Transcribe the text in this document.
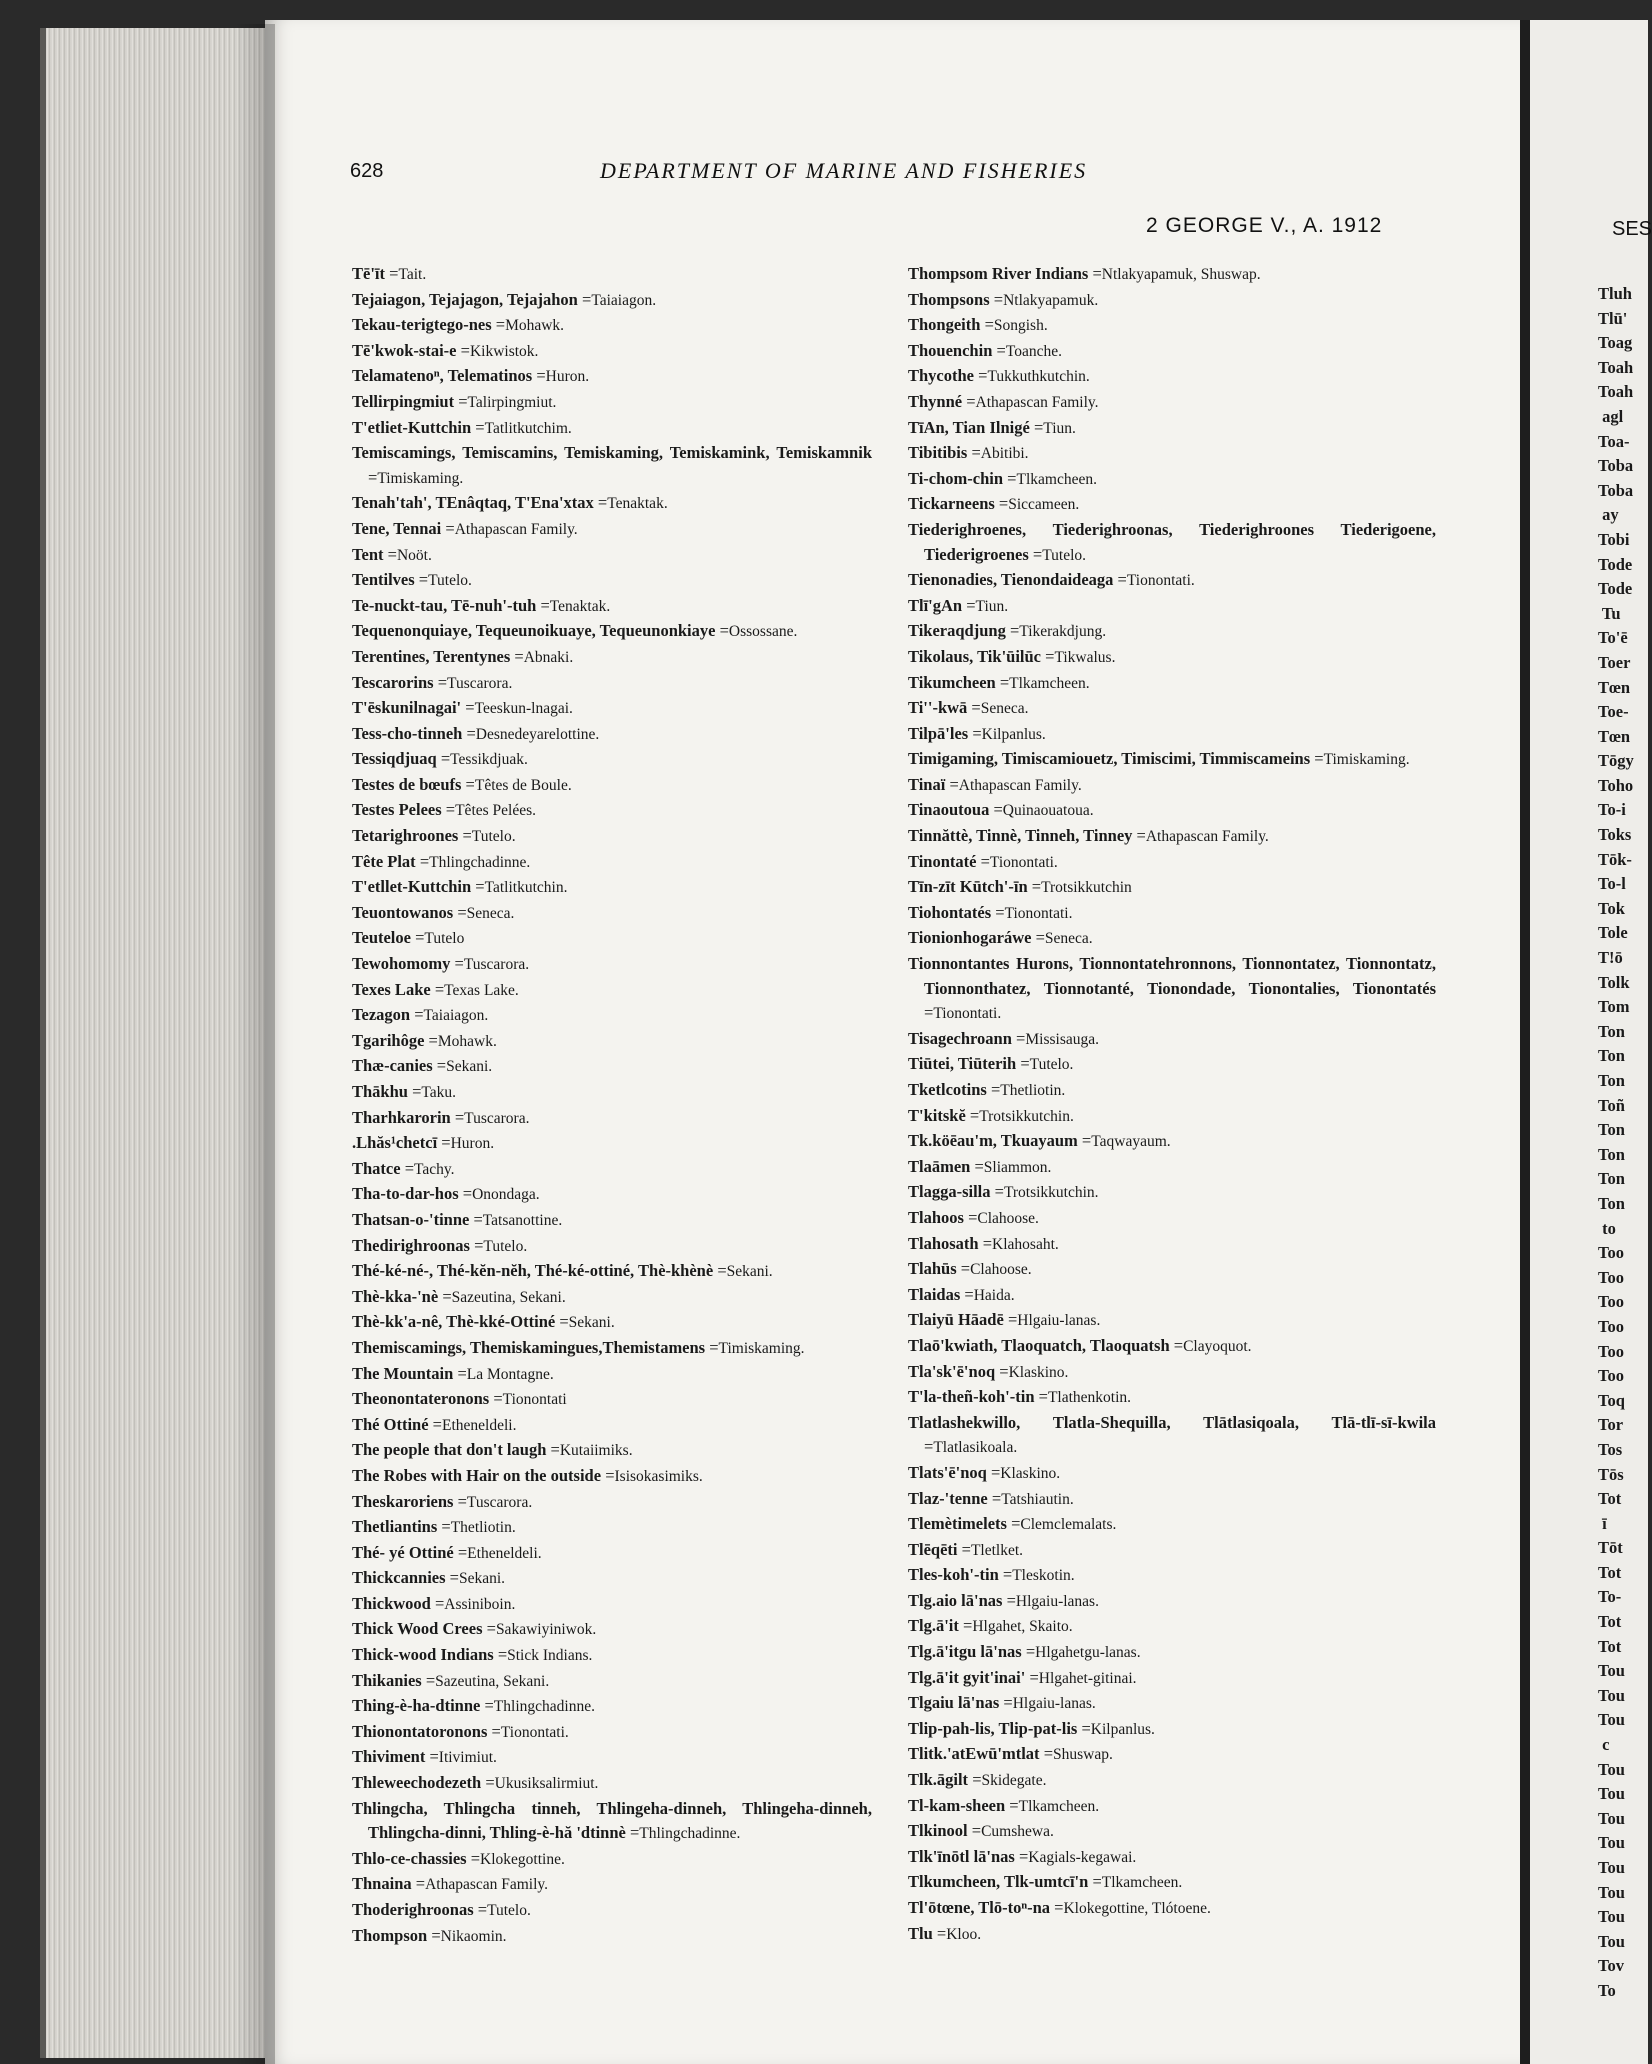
SES
Tluh
Tlū'
Toag
Toah
Toah
agl
Toa-
Toba
Toba
ay
Tobi
Tode
Tode
Tu
To'ē
Toer
Tœn
Toe-
Tœn
Tōgy
Toho
To-i
Toks
Tōk-
To-l
Tok
Tole
T!ō
Tolk
Tom
Ton
Ton
Ton
Toñ
Ton
Ton
Ton
Ton
to
Too
Too
Too
Too
Too
Too
Toq
Tor
Tos
Tōs
Tot
ī
Tōt
Tot
To-
Tot
Tot
Tou
Tou
Tou
c
Tou
Tou
Tou
Tou
Tou
Tou
Tou
Tou
Tov
To
628	DEPARTMENT OF MARINE AND FISHERIES
2 GEORGE V., A. 1912
Tē'īt =Tait.
Tejaiagon, Tejajagon, Tejajahon =Taiaiagon.
Tekau-terigtego-nes =Mohawk.
Tē'kwok-stai-e =Kikwistok.
Telamatenoⁿ, Telematinos =Huron.
Tellirpingmiut =Talirpingmiut.
T'etliet-Kuttchin =Tatlitkutchim.
Temiscamings, Temiscamins, Temiskaming, Temiskamink, Temiskamnik =Timiskaming.
Tenah'tah', TEnâqtaq, T'Ena'xtax =Tenaktak.
Tene, Tennai =Athapascan Family.
Tent =Noöt.
Tentilves =Tutelo.
Te-nuckt-tau, Tē-nuh'-tuh =Tenaktak.
Tequenonquiaye, Tequeunoikuaye, Tequeunonkiaye =Ossossane.
Terentines, Terentynes =Abnaki.
Tescarorins =Tuscarora.
T'ēskunilnagai' =Teeskun-lnagai.
Tess-cho-tinneh =Desnedeyarelottine.
Tessiqdjuaq =Tessikdjuak.
Testes de bœufs =Têtes de Boule.
Testes Pelees =Têtes Pelées.
Tetarighroones =Tutelo.
Tête Plat =Thlingchadinne.
T'etllet-Kuttchin =Tatlitkutchin.
Teuontowanos =Seneca.
Teuteloe =Tutelo
Tewohomomy =Tuscarora.
Texes Lake =Texas Lake.
Tezagon =Taiaiagon.
Tgarihôge =Mohawk.
Thæ-canies =Sekani.
Thākhu =Taku.
Tharhkarorin =Tuscarora.
.Lhăs¹chetcī =Huron.
Thatce =Tachy.
Tha-to-dar-hos =Onondaga.
Thatsan-o-'tinne =Tatsanottine.
Thedirighroonas =Tutelo.
Thé-ké-né-, Thé-kĕn-nĕh, Thé-ké-ottiné, Thè-khènè =Sekani.
Thè-kka-'nè =Sazeutina, Sekani.
Thè-kk'a-nê, Thè-kké-Ottiné =Sekani.
Themiscamings, Themiskamingues,Themistamens =Timiskaming.
The Mountain =La Montagne.
Theonontateronons =Tionontati
Thé Ottiné =Etheneldeli.
The people that don't laugh =Kutaiimiks.
The Robes with Hair on the outside =Isisokasimiks.
Theskaroriens =Tuscarora.
Thetliantins =Thetliotin.
Thé- yé Ottiné =Etheneldeli.
Thickcannies =Sekani.
Thickwood =Assiniboin.
Thick Wood Crees =Sakawiyiniwok.
Thick-wood Indians =Stick Indians.
Thikanies =Sazeutina, Sekani.
Thing-è-ha-dtinne =Thlingchadinne.
Thionontatoronons =Tionontati.
Thiviment =Itivimiut.
Thleweechodezeth =Ukusiksalirmiut.
Thlingcha, Thlingcha tinneh, Thlingeha-dinneh, Thlingeha-dinneh, Thlingcha-dinni, Thling-è-hă 'dtinnè =Thlingchadinne.
Thlo-ce-chassies =Klokegottine.
Thnaina =Athapascan Family.
Thoderighroonas =Tutelo.
Thompson =Nikaomin.
Thompsom River Indians =Ntlakyapamuk, Shuswap.
Thompsons =Ntlakyapamuk.
Thongeith =Songish.
Thouenchin =Toanche.
Thycothe =Tukkuthkutchin.
Thynné =Athapascan Family.
TīAn, Tian Ilnigé =Tiun.
Tibitibis =Abitibi.
Ti-chom-chin =Tlkamcheen.
Tickarneens =Siccameen.
Tiederighroenes, Tiederighroonas, Tiederighroones Tiederigoene, Tiederigroenes =Tutelo.
Tienonadies, Tienondaideaga =Tionontati.
Tlī'gAn =Tiun.
Tikeraqdjung =Tikerakdjung.
Tikolaus, Tik'ūilūc =Tikwalus.
Tikumcheen =Tlkamcheen.
Ti''-kwā =Seneca.
Tilpā'les =Kilpanlus.
Timigaming, Timiscamiouetz, Timiscimi, Timmiscameins =Timiskaming.
Tinaï =Athapascan Family.
Tinaoutoua =Quinaouatoua.
Tinnăttè, Tinnè, Tinneh, Tinney =Athapascan Family.
Tinontaté =Tionontati.
Tīn-zīt Kūtch'-īn =Trotsikkutchin
Tiohontatés =Tionontati.
Tionionhogaráwe =Seneca.
Tionnontantes Hurons, Tionnontatehronnons, Tionnontatez, Tionnontatz, Tionnonthatez, Tionnotanté, Tionondade, Tionontalies, Tionontatés =Tionontati.
Tisagechroann =Missisauga.
Tiūtei, Tiūterih =Tutelo.
Tketlcotins =Thetliotin.
T'kitskĕ =Trotsikkutchin.
Tk.köēau'm, Tkuayaum =Taqwayaum.
Tlaāmen =Sliammon.
Tlagga-silla =Trotsikkutchin.
Tlahoos =Clahoose.
Tlahosath =Klahosaht.
Tlahūs =Clahoose.
Tlaidas =Haida.
Tlaiyū Hāadē =Hlgaiu-lanas.
Tlaō'kwiath, Tlaoquatch, Tlaoquatsh =Clayoquot.
Tla'sk'ē'noq =Klaskino.
T'la-theñ-koh'-tin =Tlathenkotin.
Tlatlashekwillo, Tlatla-Shequilla, Tlātlasiqoala, Tlā-tlī-sī-kwila =Tlatlasikoala.
Tlats'ē'noq =Klaskino.
Tlaz-'tenne =Tatshiautin.
Tlemètimelets =Clemclemalats.
Tlēqēti =Tletlket.
Tles-koh'-tin =Tleskotin.
Tlg.aio lā'nas =Hlgaiu-lanas.
Tlg.ā'it =Hlgahet, Skaito.
Tlg.ā'itgu lā'nas =Hlgahetgu-lanas.
Tlg.ā'it gyit'inai' =Hlgahet-gitinai.
Tlgaiu lā'nas =Hlgaiu-lanas.
Tlip-pah-lis, Tlip-pat-lis =Kilpanlus.
Tlitk.'atEwū'mtlat =Shuswap.
Tlk.āgilt =Skidegate.
Tl-kam-sheen =Tlkamcheen.
Tlkinool =Cumshewa.
Tlk'īnōtl lā'nas =Kagials-kegawai.
Tlkumcheen, Tlk-umtcī'n =Tlkamcheen.
Tl'ōtœne, Tlō-toⁿ-na =Klokegottine, Tlótoene.
Tlu =Kloo.
